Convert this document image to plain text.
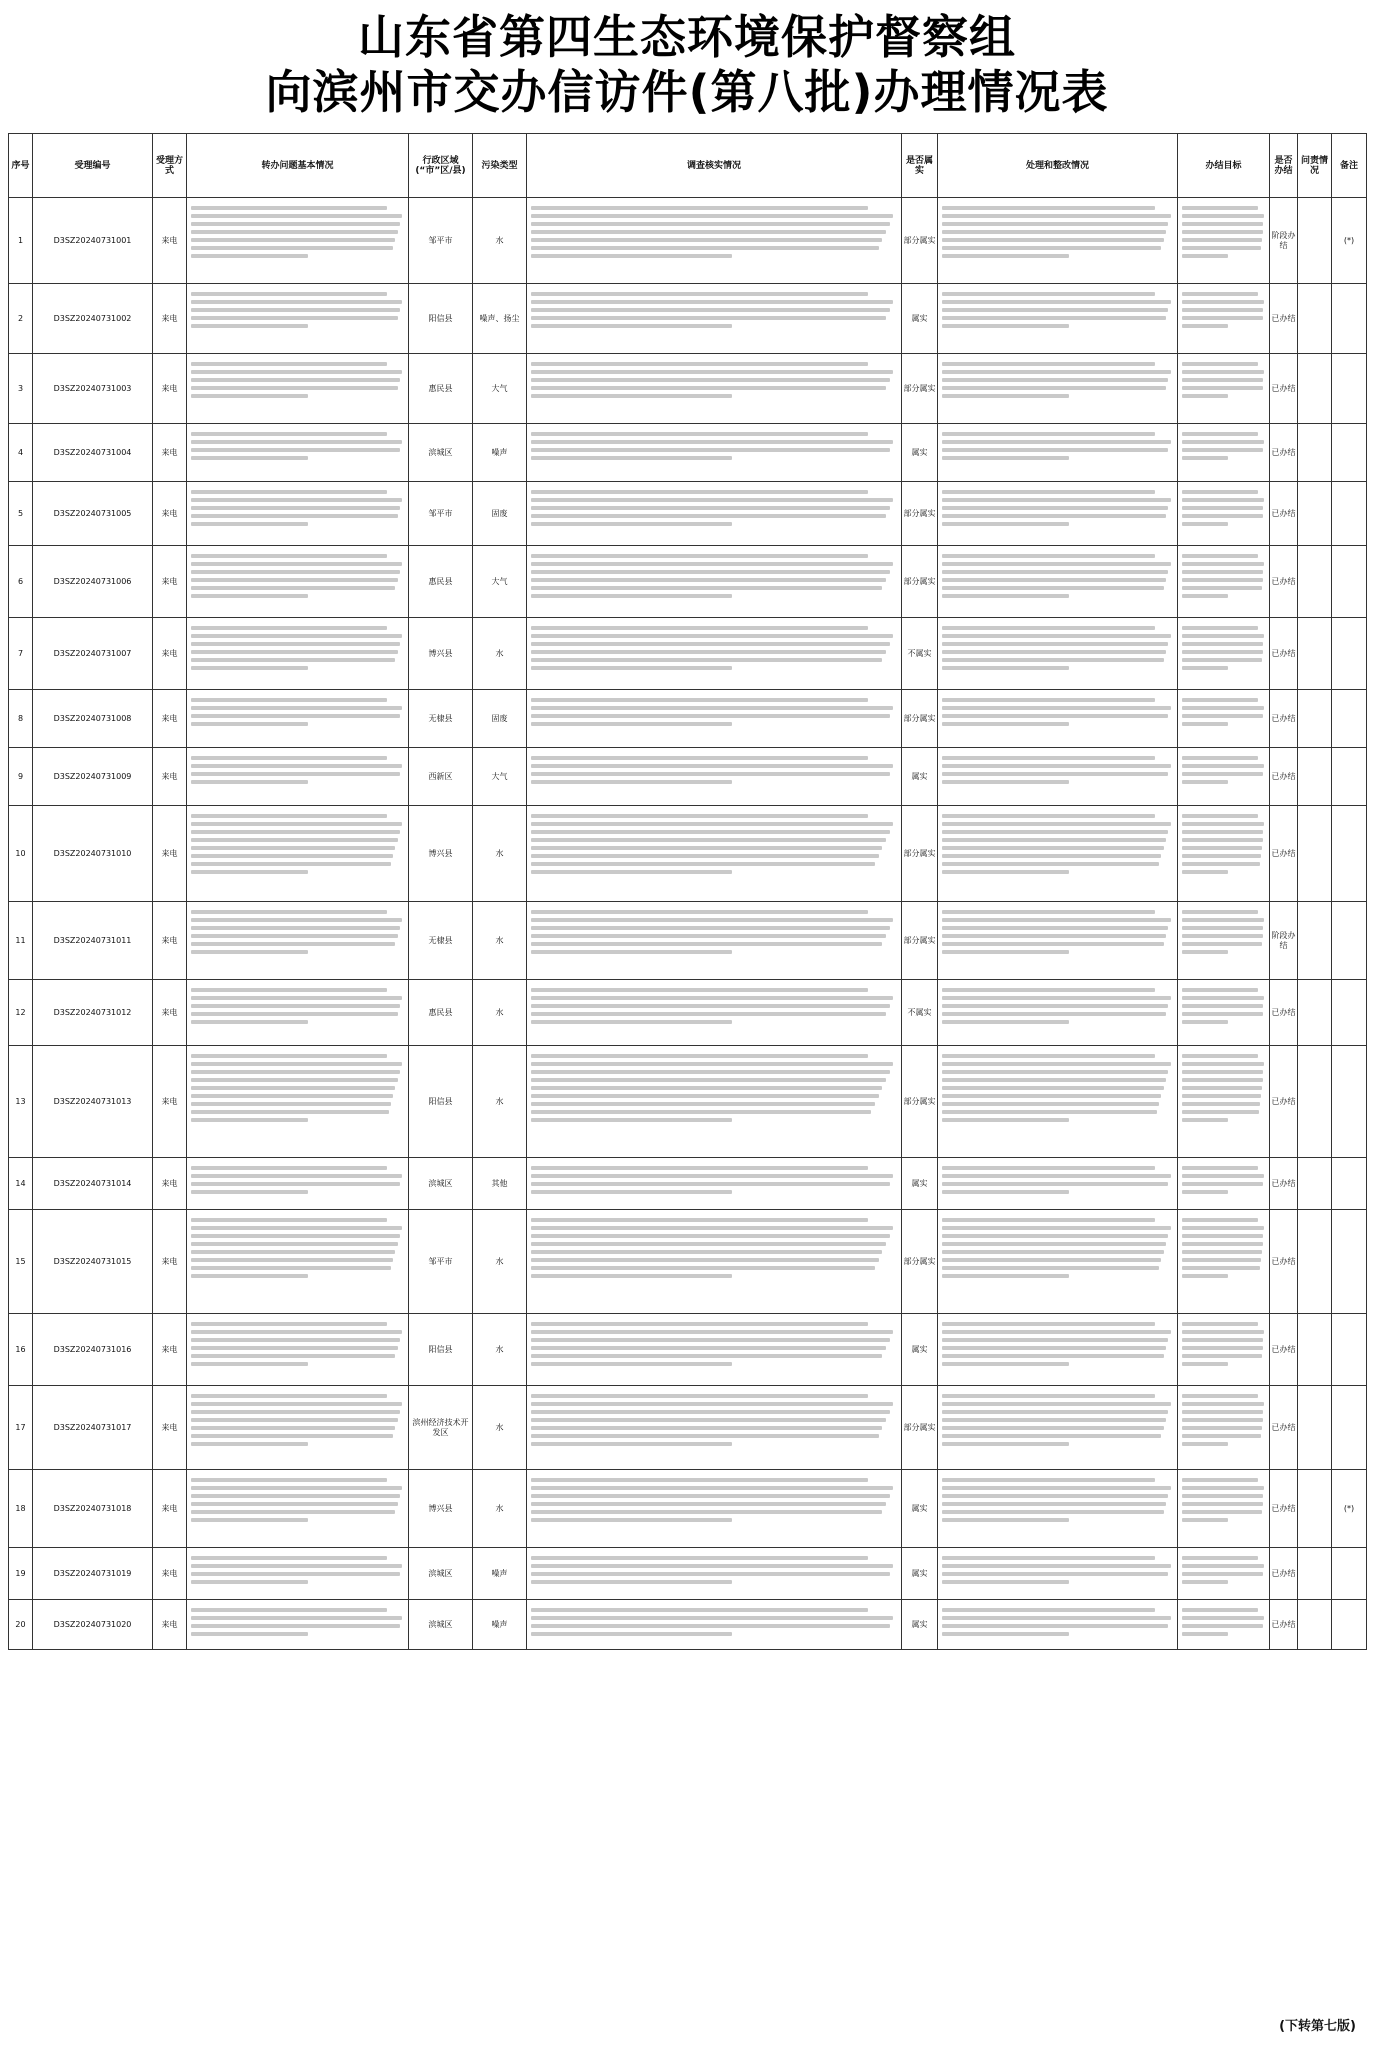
山东省第四生态环境保护督察组
向滨州市交办信访件(第八批)办理情况表
序号	受理编号	受理方式	转办问题基本情况	行政区域(“市”区/县)	污染类型	调查核实情况	是否属实	处理和整改情况	办结目标	是否办结	问责情况	备注
1	D3SZ20240731001	来电		邹平市	水		部分属实			阶段办结		(*)
2	D3SZ20240731002	来电		阳信县	噪声、扬尘		属实			已办结		
3	D3SZ20240731003	来电		惠民县	大气		部分属实			已办结		
4	D3SZ20240731004	来电		滨城区	噪声		属实			已办结		
5	D3SZ20240731005	来电		邹平市	固废		部分属实			已办结		
6	D3SZ20240731006	来电		惠民县	大气		部分属实			已办结		
7	D3SZ20240731007	来电		博兴县	水		不属实			已办结		
8	D3SZ20240731008	来电		无棣县	固废		部分属实			已办结		
9	D3SZ20240731009	来电		西新区	大气		属实			已办结		
10	D3SZ20240731010	来电		博兴县	水		部分属实			已办结		
11	D3SZ20240731011	来电		无棣县	水		部分属实			阶段办结		
12	D3SZ20240731012	来电		惠民县	水		不属实			已办结		
13	D3SZ20240731013	来电		阳信县	水		部分属实			已办结		
14	D3SZ20240731014	来电		滨城区	其他		属实			已办结		
15	D3SZ20240731015	来电		邹平市	水		部分属实			已办结		
16	D3SZ20240731016	来电		阳信县	水		属实			已办结		
17	D3SZ20240731017	来电		滨州经济技术开发区	水		部分属实			已办结		
18	D3SZ20240731018	来电		博兴县	水		属实			已办结		(*)
19	D3SZ20240731019	来电		滨城区	噪声		属实			已办结		
20	D3SZ20240731020	来电		滨城区	噪声		属实			已办结		
(下转第七版)
